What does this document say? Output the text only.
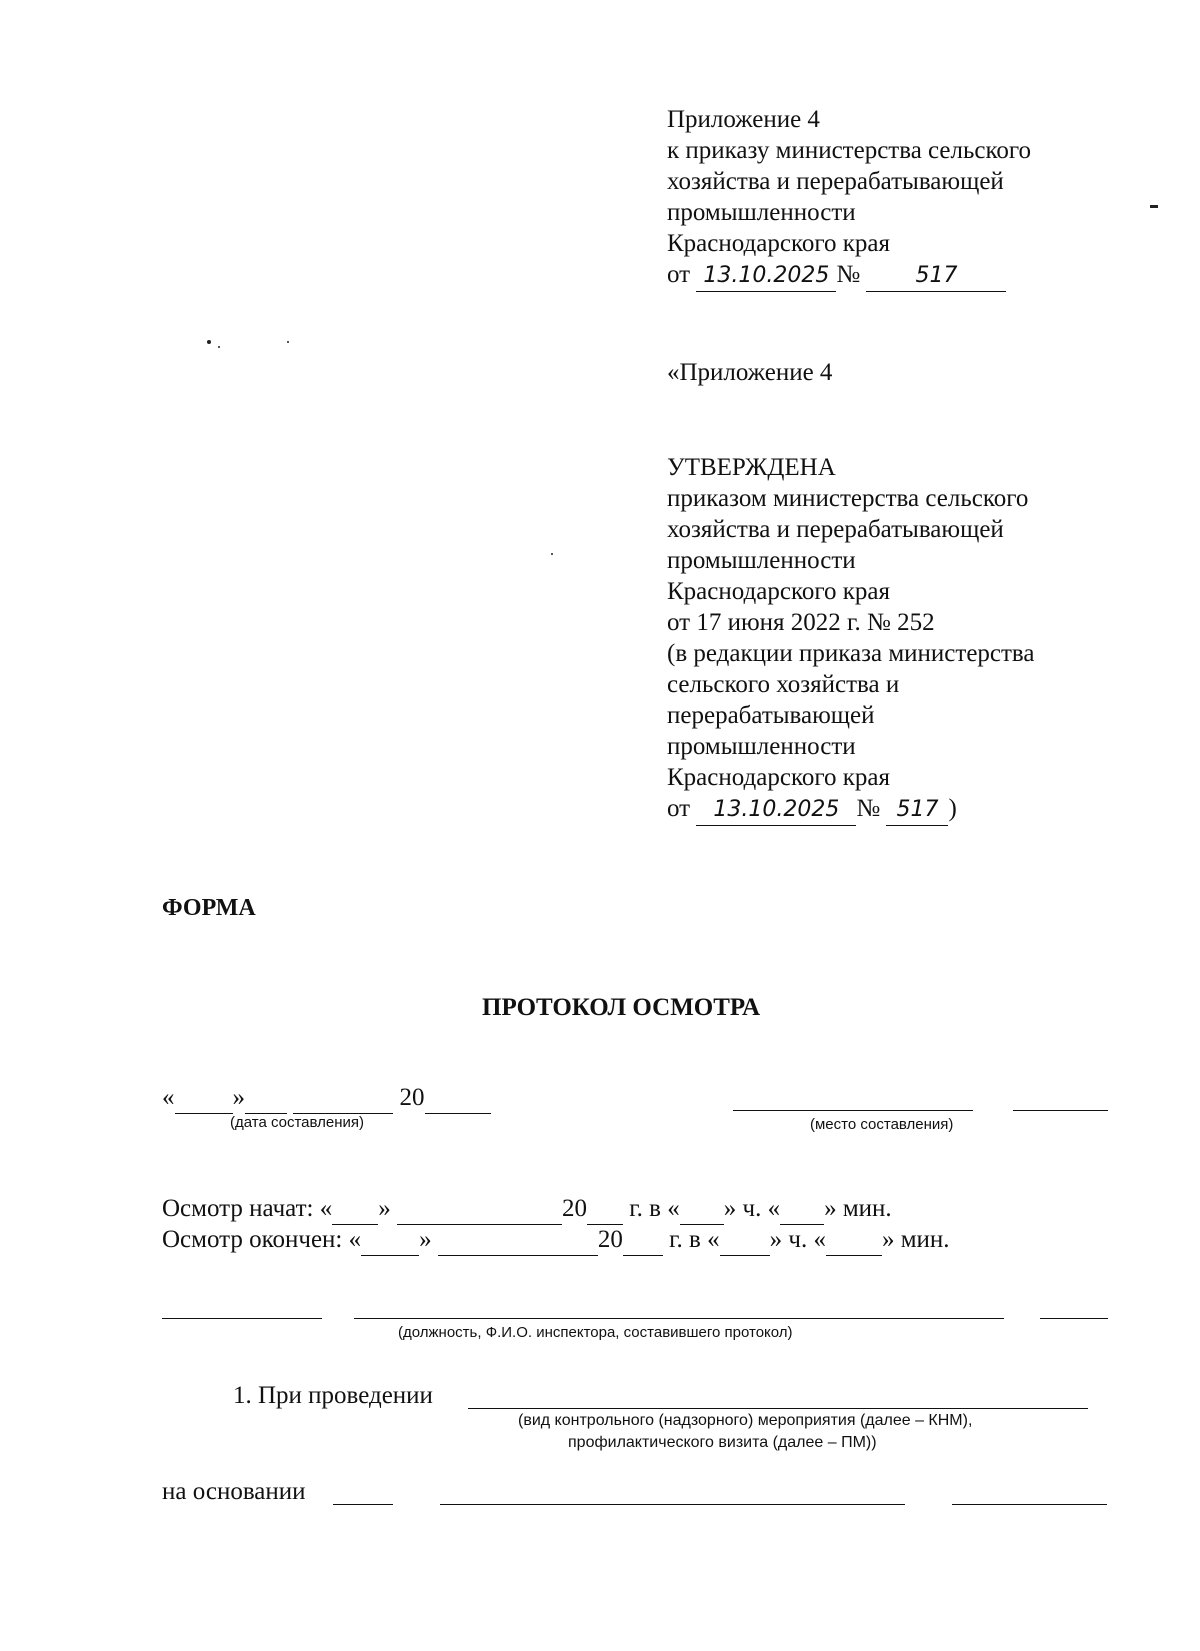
Приложение 4
к приказу министерства сельского
хозяйства и перерабатывающей
промышленности
Краснодарского края
от 13.10.2025 №	517
«Приложение 4
УТВЕРЖДЕНА
приказом министерства сельского
хозяйства и перерабатывающей
промышленности
Краснодарского края
от 17 июня 2022 г. № 252
(в редакции приказа министерства
сельского хозяйства и
перерабатывающей
промышленности
Краснодарского края
от 13.10.2025 № 517 )
ФОРМА
ПРОТОКОЛ ОСМОТРА
« »	20
(дата составления)	(место составления)
Осмотр начат: « »	20 г. в « » ч. « » мин.
Осмотр окончен: « »	20 г. в « » ч. « » мин.
(должность, Ф.И.О. инспектора, составившего протокол)
1. При проведении
(вид контрольного (надзорного) мероприятия (далее – КНМ),
профилактического визита (далее – ПМ))
на основании
